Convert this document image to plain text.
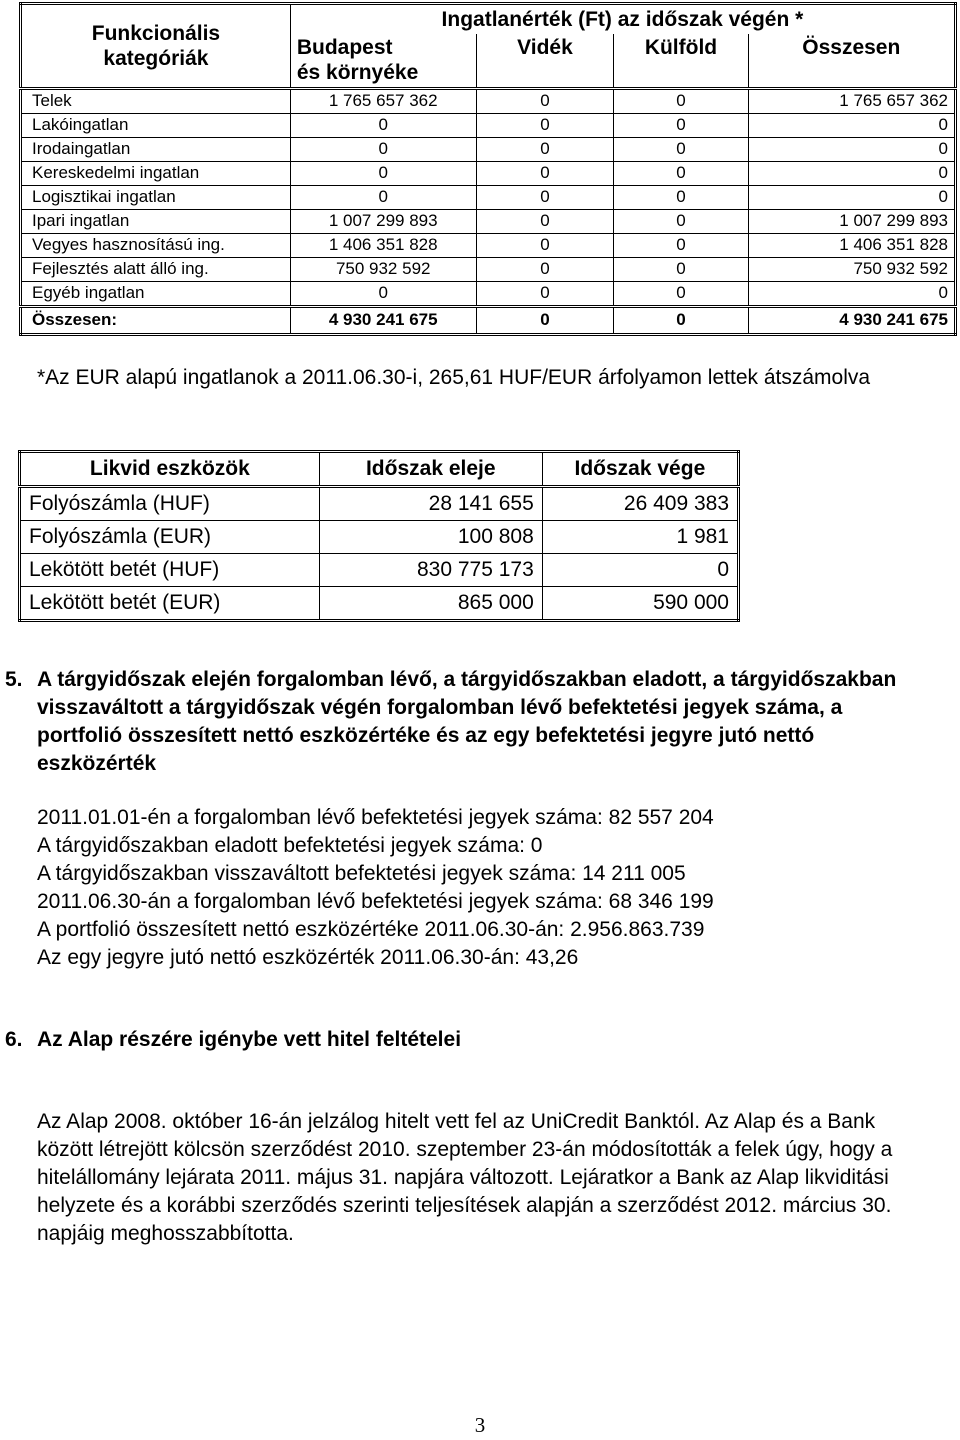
Funkcionális
kategóriák	Ingatlanérték (Ft) az időszak végén *			
	Budapest
és környéke	Vidék	Külföld	Összesen
Telek	1 765 657 362	0	0	1 765 657 362
Lakóingatlan	0	0	0	0
Irodaingatlan	0	0	0	0
Kereskedelmi ingatlan	0	0	0	0
Logisztikai ingatlan	0	0	0	0
Ipari ingatlan	1 007 299 893	0	0	1 007 299 893
Vegyes hasznosítású ing.	1 406 351 828	0	0	1 406 351 828
Fejlesztés alatt álló ing.	750 932 592	0	0	750 932 592
Egyéb ingatlan	0	0	0	0
Összesen:	4 930 241 675	0	0	4 930 241 675
*Az EUR alapú ingatlanok a 2011.06.30-i, 265,61 HUF/EUR árfolyamon lettek átszámolva
Likvid eszközök	Időszak eleje	Időszak vége
Folyószámla (HUF)	28 141 655	26 409 383
Folyószámla (EUR)	100 808	1 981
Lekötött betét (HUF)	830 775 173	0
Lekötött betét (EUR)	865 000	590 000
5. A tárgyidőszak elején forgalomban lévő, a tárgyidőszakban eladott, a tárgyidőszakban visszaváltott a tárgyidőszak végén forgalomban lévő befektetési jegyek száma, a portfolió összesített nettó eszközértéke és az egy befektetési jegyre jutó nettó eszközérték
2011.01.01-én a forgalomban lévő befektetési jegyek száma: 82 557 204
A tárgyidőszakban eladott befektetési jegyek száma: 0
A tárgyidőszakban visszaváltott befektetési jegyek száma: 14 211 005
2011.06.30-án a forgalomban lévő befektetési jegyek száma: 68 346 199
A portfolió összesített nettó eszközértéke 2011.06.30-án: 2.956.863.739
Az egy jegyre jutó nettó eszközérték 2011.06.30-án: 43,26
6. Az Alap részére igénybe vett hitel feltételei
Az Alap 2008. október 16-án jelzálog hitelt vett fel az UniCredit Banktól. Az Alap és a Bank között létrejött kölcsön szerződést 2010. szeptember 23-án módosították a felek úgy, hogy a hitelállomány lejárata 2011. május 31. napjára változott. Lejáratkor a Bank az Alap likviditási helyzete és a korábbi szerződés szerinti teljesítések alapján a szerződést 2012. március 30. napjáig meghosszabbította.
3
